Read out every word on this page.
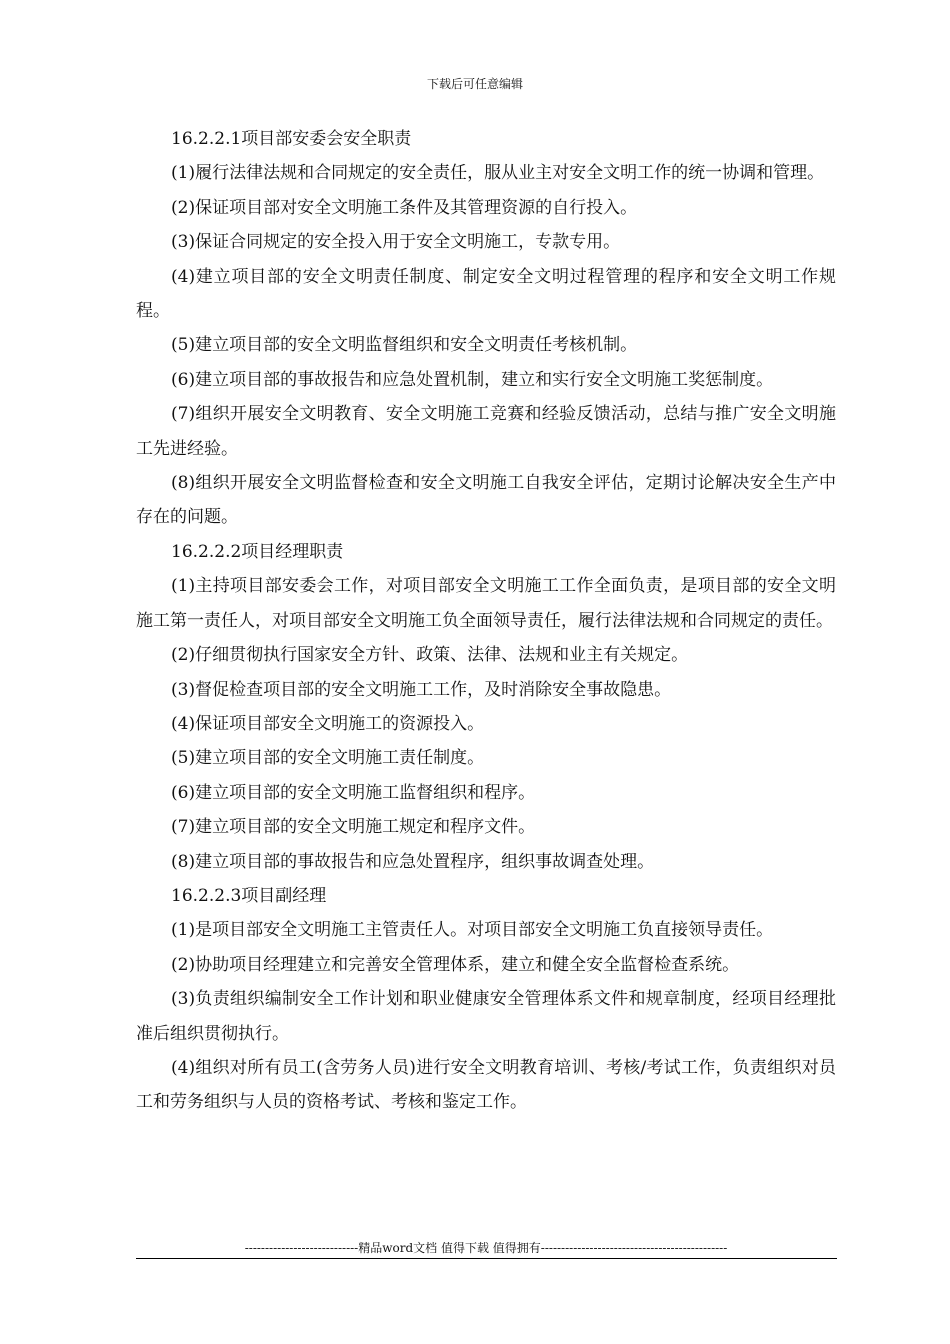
下载后可任意编辑

16.2.2.1项目部安委会安全职责

(1)履行法律法规和合同规定的安全责任，服从业主对安全文明工作的统一协调和管理。

(2)保证项目部对安全文明施工条件及其管理资源的自行投入。

(3)保证合同规定的安全投入用于安全文明施工，专款专用。

(4)建立项目部的安全文明责任制度、制定安全文明过程管理的程序和安全文明工作规程。

(5)建立项目部的安全文明监督组织和安全文明责任考核机制。

(6)建立项目部的事故报告和应急处置机制，建立和实行安全文明施工奖惩制度。

(7)组织开展安全文明教育、安全文明施工竞赛和经验反馈活动，总结与推广安全文明施工先进经验。

(8)组织开展安全文明监督检查和安全文明施工自我安全评估，定期讨论解决安全生产中存在的问题。

16.2.2.2项目经理职责

(1)主持项目部安委会工作，对项目部安全文明施工工作全面负责，是项目部的安全文明施工第一责任人，对项目部安全文明施工负全面领导责任，履行法律法规和合同规定的责任。

(2)仔细贯彻执行国家安全方针、政策、法律、法规和业主有关规定。

(3)督促检查项目部的安全文明施工工作，及时消除安全事故隐患。

(4)保证项目部安全文明施工的资源投入。

(5)建立项目部的安全文明施工责任制度。

(6)建立项目部的安全文明施工监督组织和程序。

(7)建立项目部的安全文明施工规定和程序文件。

(8)建立项目部的事故报告和应急处置程序，组织事故调查处理。

16.2.2.3项目副经理

(1)是项目部安全文明施工主管责任人。对项目部安全文明施工负直接领导责任。

(2)协助项目经理建立和完善安全管理体系，建立和健全安全监督检查系统。

(3)负责组织编制安全工作计划和职业健康安全管理体系文件和规章制度，经项目经理批准后组织贯彻执行。

(4)组织对所有员工(含劳务人员)进行安全文明教育培训、考核/考试工作，负责组织对员工和劳务组织与人员的资格考试、考核和鉴定工作。

----------------------------精品word文档 值得下载 值得拥有----------------------------------------------
